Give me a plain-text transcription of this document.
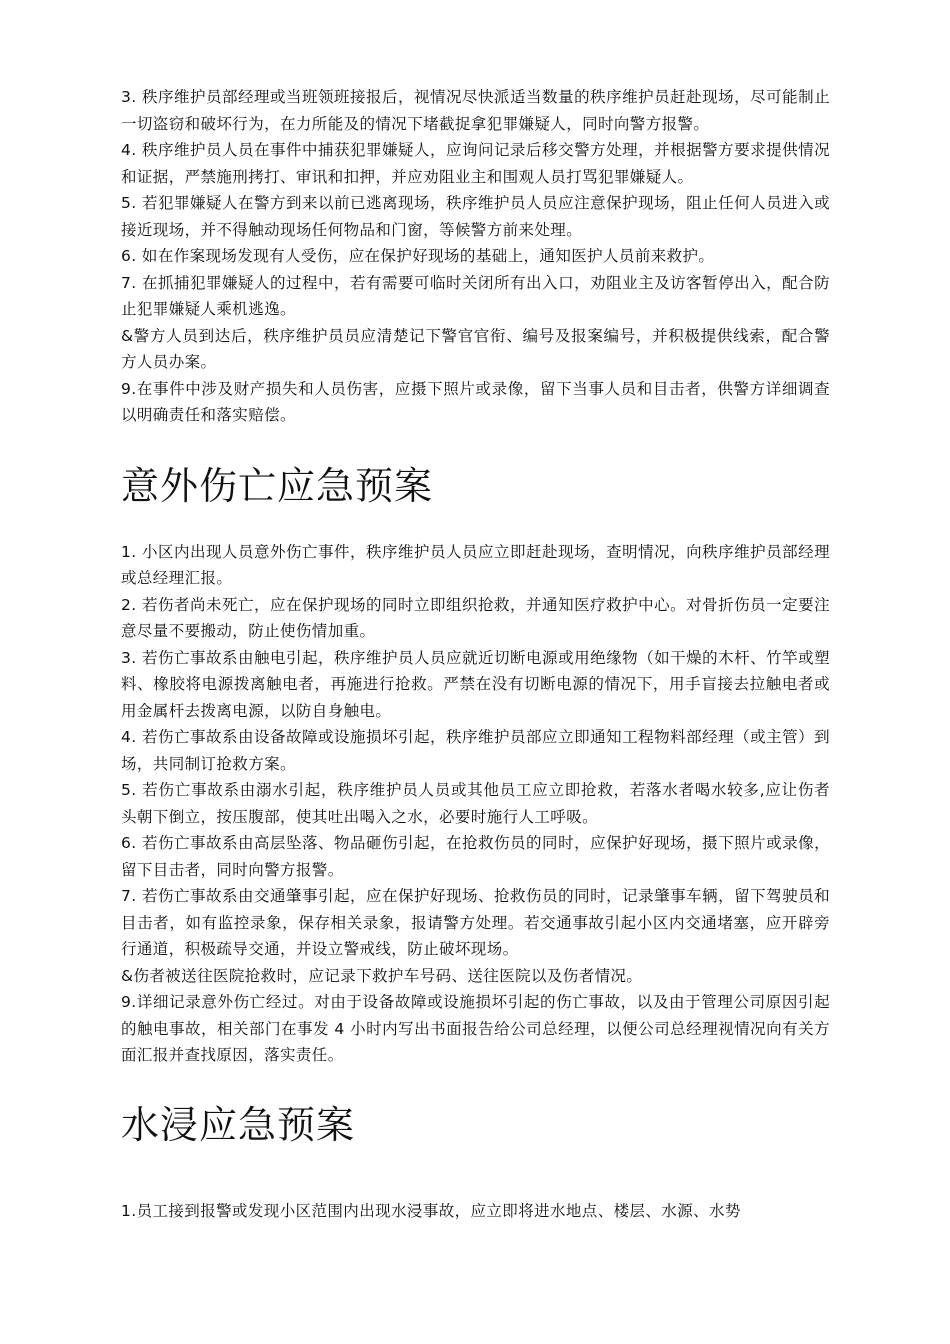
3. 秩序维护员部经理或当班领班接报后，视情况尽快派适当数量的秩序维护员赶赴现场，尽可能制止一切盗窃和破坏行为，在力所能及的情况下堵截捉拿犯罪嫌疑人，同时向警方报警。

4. 秩序维护员人员在事件中捕获犯罪嫌疑人，应询问记录后移交警方处理，并根据警方要求提供情况和证据，严禁施刑拷打、审讯和扣押，并应劝阻业主和围观人员打骂犯罪嫌疑人。

5. 若犯罪嫌疑人在警方到来以前已逃离现场，秩序维护员人员应注意保护现场，阻止任何人员进入或接近现场，并不得触动现场任何物品和门窗，等候警方前来处理。

6. 如在作案现场发现有人受伤，应在保护好现场的基础上，通知医护人员前来救护。

7. 在抓捕犯罪嫌疑人的过程中，若有需要可临时关闭所有出入口，劝阻业主及访客暂停出入，配合防止犯罪嫌疑人乘机逃逸。

&警方人员到达后，秩序维护员员应清楚记下警官官衔、编号及报案编号，并积极提供线索，配合警方人员办案。

9.在事件中涉及财产损失和人员伤害，应摄下照片或录像，留下当事人员和目击者，供警方详细调查以明确责任和落实赔偿。

意外伤亡应急预案

1. 小区内出现人员意外伤亡事件，秩序维护员人员应立即赶赴现场，查明情况，向秩序维护员部经理或总经理汇报。

2. 若伤者尚未死亡，应在保护现场的同时立即组织抢救，并通知医疗救护中心。对骨折伤员一定要注意尽量不要搬动，防止使伤情加重。

3. 若伤亡事故系由触电引起，秩序维护员人员应就近切断电源或用绝缘物（如干燥的木杆、竹竿或塑料、橡胶将电源拨离触电者，再施进行抢救。严禁在没有切断电源的情况下，用手盲接去拉触电者或用金属杆去拨离电源，以防自身触电。

4. 若伤亡事故系由设备故障或设施损坏引起，秩序维护员部应立即通知工程物料部经理（或主管）到场，共同制订抢救方案。

5. 若伤亡事故系由溺水引起，秩序维护员人员或其他员工应立即抢救，若落水者喝水较多,应让伤者头朝下倒立，按压腹部，使其吐出喝入之水，必要时施行人工呼吸。

6. 若伤亡事故系由高层坠落、物品砸伤引起，在抢救伤员的同时，应保护好现场，摄下照片或录像，留下目击者，同时向警方报警。

7. 若伤亡事故系由交通肇事引起，应在保护好现场、抢救伤员的同时，记录肇事车辆，留下驾驶员和目击者，如有监控录象，保存相关录象，报请警方处理。若交通事故引起小区内交通堵塞，应开辟旁行通道，积极疏导交通，并设立警戒线，防止破坏现场。

&伤者被送往医院抢救时，应记录下救护车号码、送往医院以及伤者情况。

9.详细记录意外伤亡经过。对由于设备故障或设施损坏引起的伤亡事故，以及由于管理公司原因引起的触电事故，相关部门在事发 4 小时内写出书面报告给公司总经理，以便公司总经理视情况向有关方面汇报并查找原因，落实责任。

水浸应急预案

1.员工接到报警或发现小区范围内出现水浸事故，应立即将进水地点、楼层、水源、水势
